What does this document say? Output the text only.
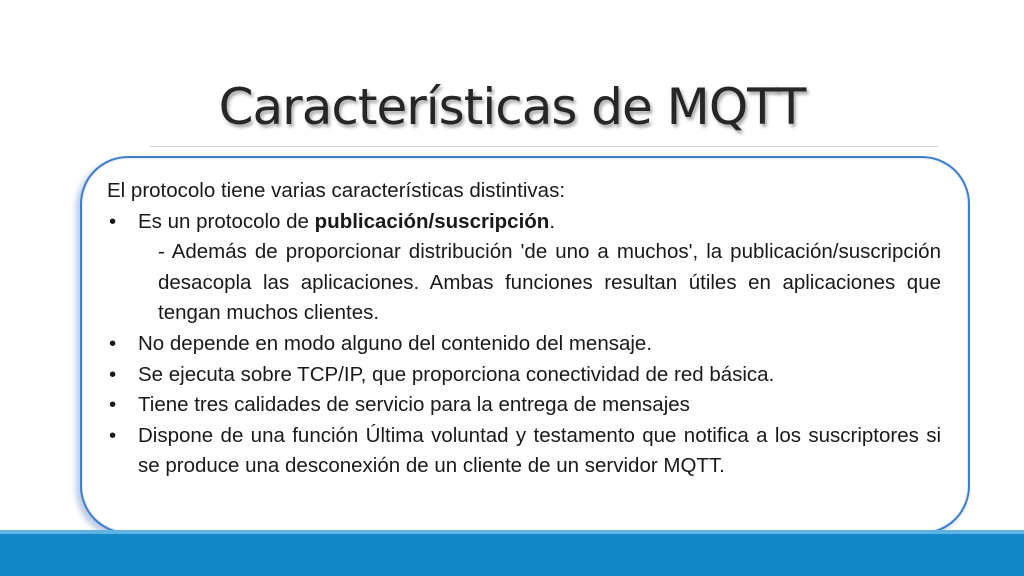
Características de MQTT

El protocolo tiene varias características distintivas:

•	Es un protocolo de publicación/suscripción.

- Además de proporcionar distribución 'de uno a muchos', la publicación/suscripción desacopla las aplicaciones. Ambas funciones resultan útiles en aplicaciones que tengan muchos clientes.

•	No depende en modo alguno del contenido del mensaje.
•	Se ejecuta sobre TCP/IP, que proporciona conectividad de red básica.
•	Tiene tres calidades de servicio para la entrega de mensajes
•	Dispone de una función Última voluntad y testamento que notifica a los suscriptores si se produce una desconexión de un cliente de un servidor MQTT.
